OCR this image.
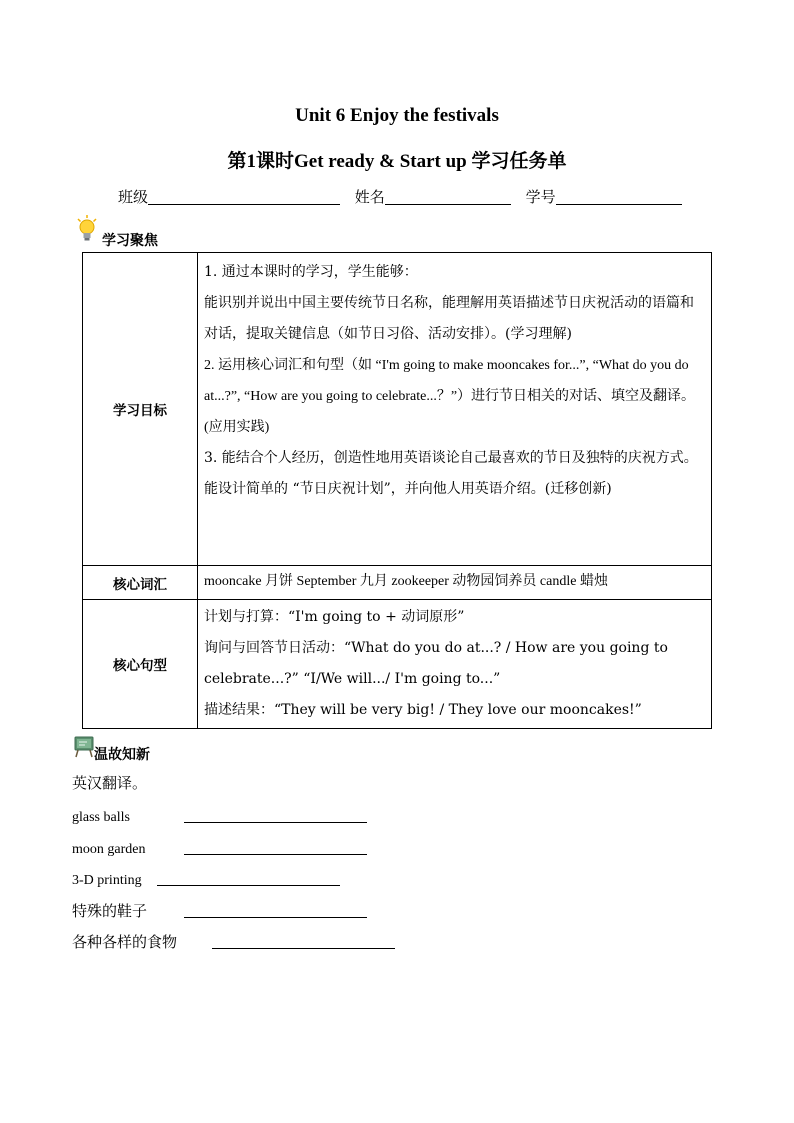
Unit 6 Enjoy the festivals
第1课时Get ready & Start up 学习任务单
班级	姓名	学号
学习聚焦
学习目标	1. 通过本课时的学习，学生能够：
能识别并说出中国主要传统节日名称，能理解用英语描述节日庆祝活动的语篇和对话，提取关键信息（如节日习俗、活动安排）。(学习理解)
2. 运用核心词汇和句型（如 “I'm going to make mooncakes for...”, “What do you do at...?”, “How are you going to celebrate...？”）进行节日相关的对话、填空及翻译。(应用实践)
3. 能结合个人经历，创造性地用英语谈论自己最喜欢的节日及独特的庆祝方式。能设计简单的 “节日庆祝计划”，并向他人用英语介绍。(迁移创新)

核心词汇	mooncake 月饼 September 九月 zookeeper 动物园饲养员 candle 蜡烛
核心句型	计划与打算：“I'm going to + 动词原形”
询问与回答节日活动：“What do you do at...? / How are you going to celebrate...?” “I/We will.../ I'm going to...”
描述结果：“They will be very big! / They love our mooncakes!”
温故知新
英汉翻译。
glass balls
moon garden
3-D printing
特殊的鞋子
各种各样的食物
